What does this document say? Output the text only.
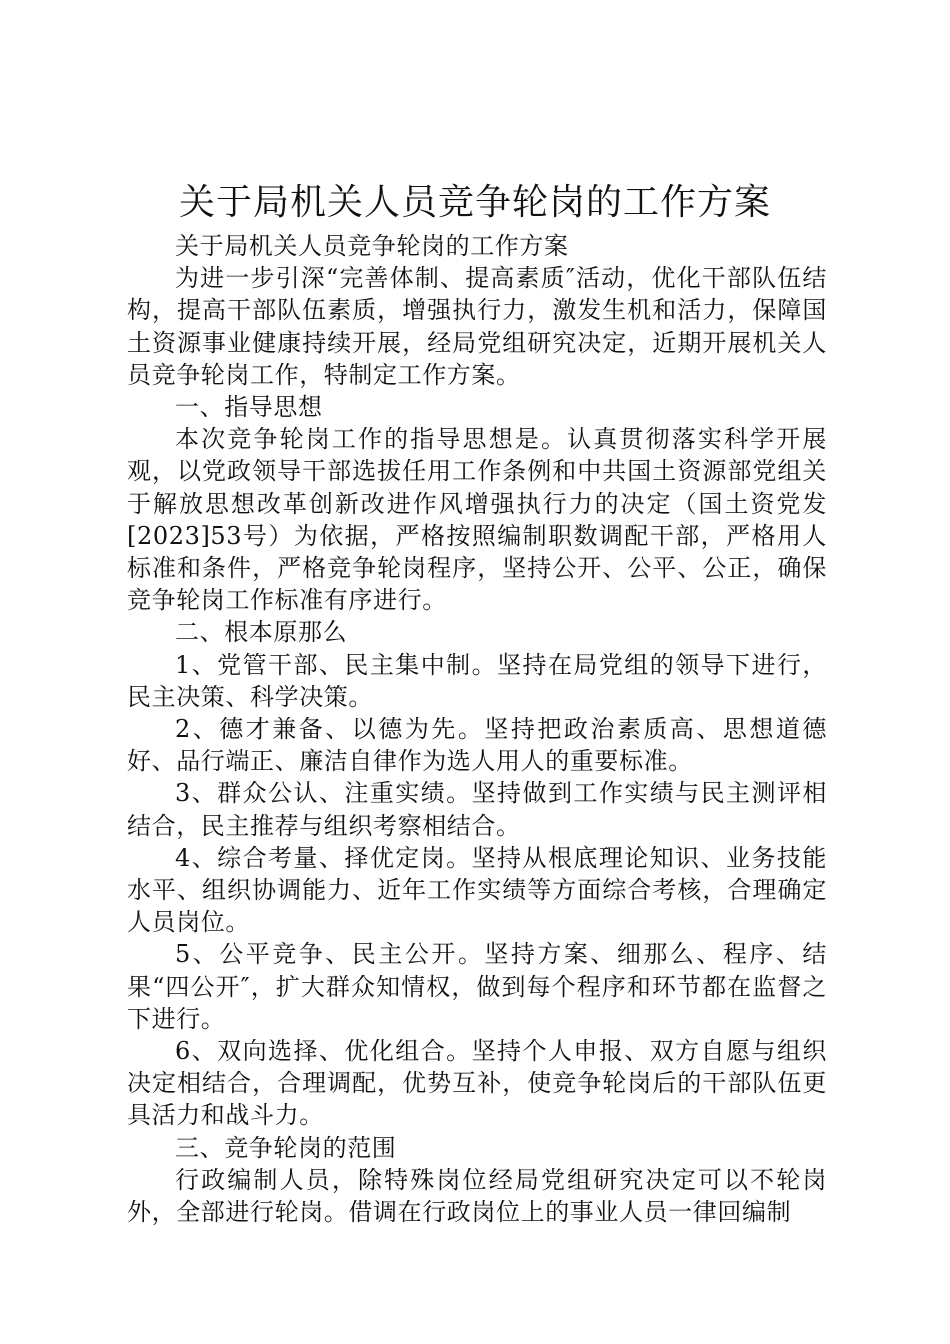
关于局机关人员竞争轮岗的工作方案

关于局机关人员竞争轮岗的工作方案

为进一步引深“完善体制、提高素质″活动，优化干部队伍结构，提高干部队伍素质，增强执行力，激发生机和活力，保障国土资源事业健康持续开展，经局党组研究决定，近期开展机关人员竞争轮岗工作，特制定工作方案。

一、指导思想

本次竞争轮岗工作的指导思想是。认真贯彻落实科学开展观，以党政领导干部选拔任用工作条例和中共国土资源部党组关于解放思想改革创新改进作风增强执行力的决定（国土资党发[2023]53号）为依据，严格按照编制职数调配干部，严格用人标准和条件，严格竞争轮岗程序，坚持公开、公平、公正，确保竞争轮岗工作标准有序进行。

二、根本原那么

1、党管干部、民主集中制。坚持在局党组的领导下进行，民主决策、科学决策。

2、德才兼备、以德为先。坚持把政治素质高、思想道德好、品行端正、廉洁自律作为选人用人的重要标准。

3、群众公认、注重实绩。坚持做到工作实绩与民主测评相结合，民主推荐与组织考察相结合。

4、综合考量、择优定岗。坚持从根底理论知识、业务技能水平、组织协调能力、近年工作实绩等方面综合考核，合理确定人员岗位。

5、公平竞争、民主公开。坚持方案、细那么、程序、结果“四公开″，扩大群众知情权，做到每个程序和环节都在监督之下进行。

6、双向选择、优化组合。坚持个人申报、双方自愿与组织决定相结合，合理调配，优势互补，使竞争轮岗后的干部队伍更具活力和战斗力。

三、竞争轮岗的范围

行政编制人员，除特殊岗位经局党组研究决定可以不轮岗外，全部进行轮岗。借调在行政岗位上的事业人员一律回编制
